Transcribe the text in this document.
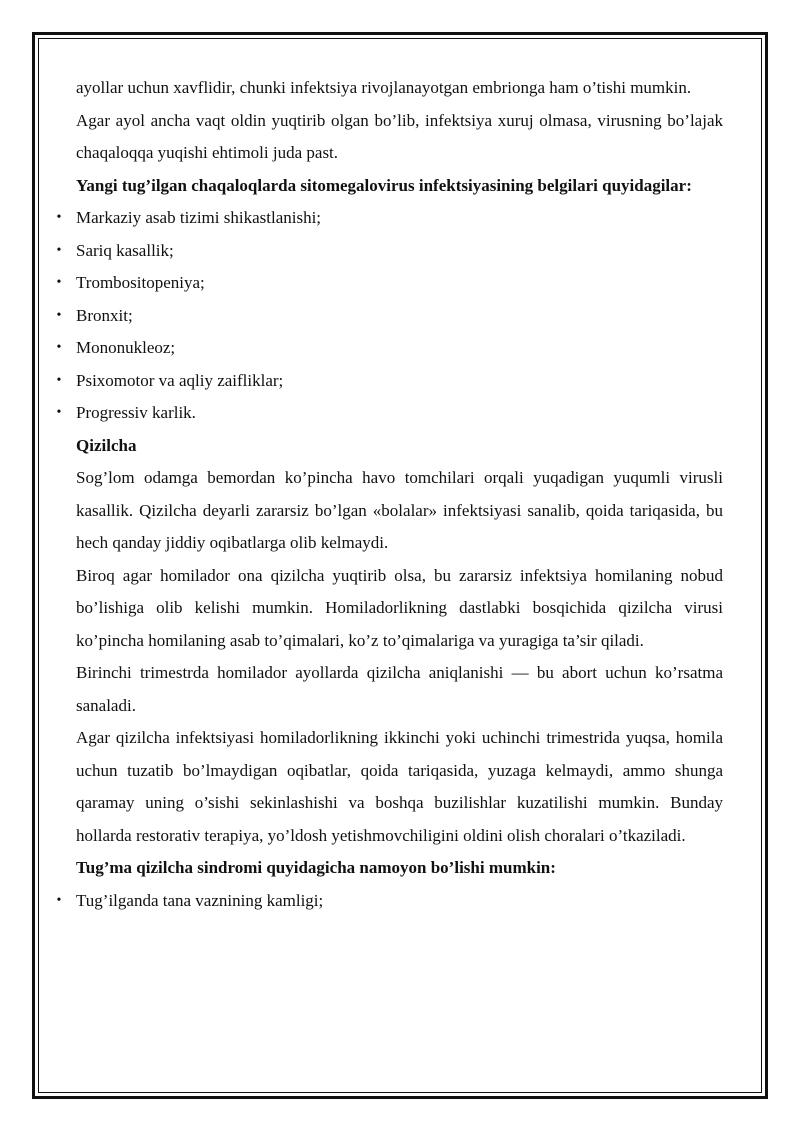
ayollar uchun xavflidir, chunki infektsiya rivojlanayotgan embrionga ham o’tishi mumkin.

Agar ayol ancha vaqt oldin yuqtirib olgan bo’lib, infektsiya xuruj olmasa, virusning bo’lajak chaqaloqqa yuqishi ehtimoli juda past.

Yangi tug’ilgan chaqaloqlarda sitomegalovirus infektsiyasining belgilari quyidagilar:

• Markaziy asab tizimi shikastlanishi;
• Sariq kasallik;
• Trombositopeniya;
• Bronxit;
• Mononukleoz;
• Psixomotor va aqliy zaifliklar;
• Progressiv karlik.

Qizilcha

Sog’lom odamga bemordan ko’pincha havo tomchilari orqali yuqadigan yuqumli virusli kasallik. Qizilcha deyarli zararsiz bo’lgan «bolalar» infektsiyasi sanalib, qoida tariqasida, bu hech qanday jiddiy oqibatlarga olib kelmaydi.

Biroq agar homilador ona qizilcha yuqtirib olsa, bu zararsiz infektsiya homilaning nobud bo’lishiga olib kelishi mumkin. Homiladorlikning dastlabki bosqichida qizilcha virusi ko’pincha homilaning asab to’qimalari, ko’z to’qimalariga va yuragiga ta’sir qiladi.

Birinchi trimestrda homilador ayollarda qizilcha aniqlanishi — bu abort uchun ko’rsatma sanaladi.

Agar qizilcha infektsiyasi homiladorlikning ikkinchi yoki uchinchi trimestrida yuqsa, homila uchun tuzatib bo’lmaydigan oqibatlar, qoida tariqasida, yuzaga kelmaydi, ammo shunga qaramay uning o’sishi sekinlashishi va boshqa buzilishlar kuzatilishi mumkin. Bunday hollarda restorativ terapiya, yo’ldosh yetishmovchiligini oldini olish choralari o’tkaziladi.

Tug’ma qizilcha sindromi quyidagicha namoyon bo’lishi mumkin:

• Tug’ilganda tana vaznining kamligi;
